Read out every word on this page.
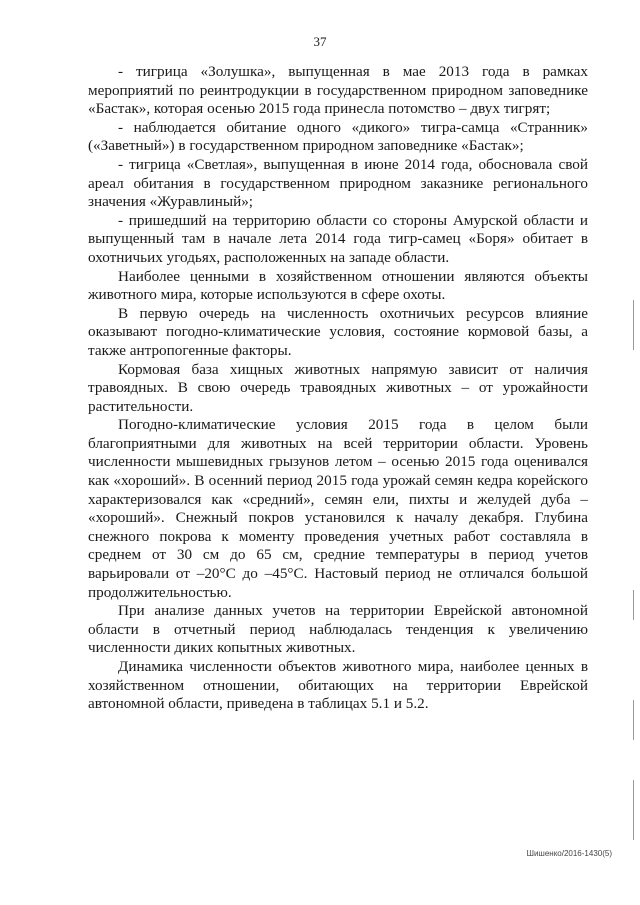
37

- тигрица «Золушка», выпущенная в мае 2013 года в рамках мероприятий по реинтродукции в государственном природном заповеднике «Бастак», которая осенью 2015 года принесла потомство – двух тигрят;

- наблюдается обитание одного «дикого» тигра-самца «Странник» («Заветный») в государственном природном заповеднике «Бастак»;

- тигрица «Светлая», выпущенная в июне 2014 года, обосновала свой ареал обитания в государственном природном заказнике регионального значения «Журавлиный»;

- пришедший на территорию области со стороны Амурской области и выпущенный там в начале лета 2014 года тигр-самец «Боря» обитает в охотничьих угодьях, расположенных на западе области.

Наиболее ценными в хозяйственном отношении являются объекты животного мира, которые используются в сфере охоты.

В первую очередь на численность охотничьих ресурсов влияние оказывают погодно-климатические условия, состояние кормовой базы, а также антропогенные факторы.

Кормовая база хищных животных напрямую зависит от наличия травоядных. В свою очередь травоядных животных – от урожайности растительности.

Погодно-климатические условия 2015 года в целом были благоприятными для животных на всей территории области. Уровень численности мышевидных грызунов летом – осенью 2015 года оценивался как «хороший». В осенний период 2015 года урожай семян кедра корейского характеризовался как «средний», семян ели, пихты и желудей дуба – «хороший». Снежный покров установился к началу декабря. Глубина снежного покрова к моменту проведения учетных работ составляла в среднем от 30 см до 65 см, средние температуры в период учетов варьировали от –20°С до –45°С. Настовый период не отличался большой продолжительностью.

При анализе данных учетов на территории Еврейской автономной области в отчетный период наблюдалась тенденция к увеличению численности диких копытных животных.

Динамика численности объектов животного мира, наиболее ценных в хозяйственном отношении, обитающих на территории Еврейской автономной области, приведена в таблицах 5.1 и 5.2.

Шишенко/2016-1430(5)
